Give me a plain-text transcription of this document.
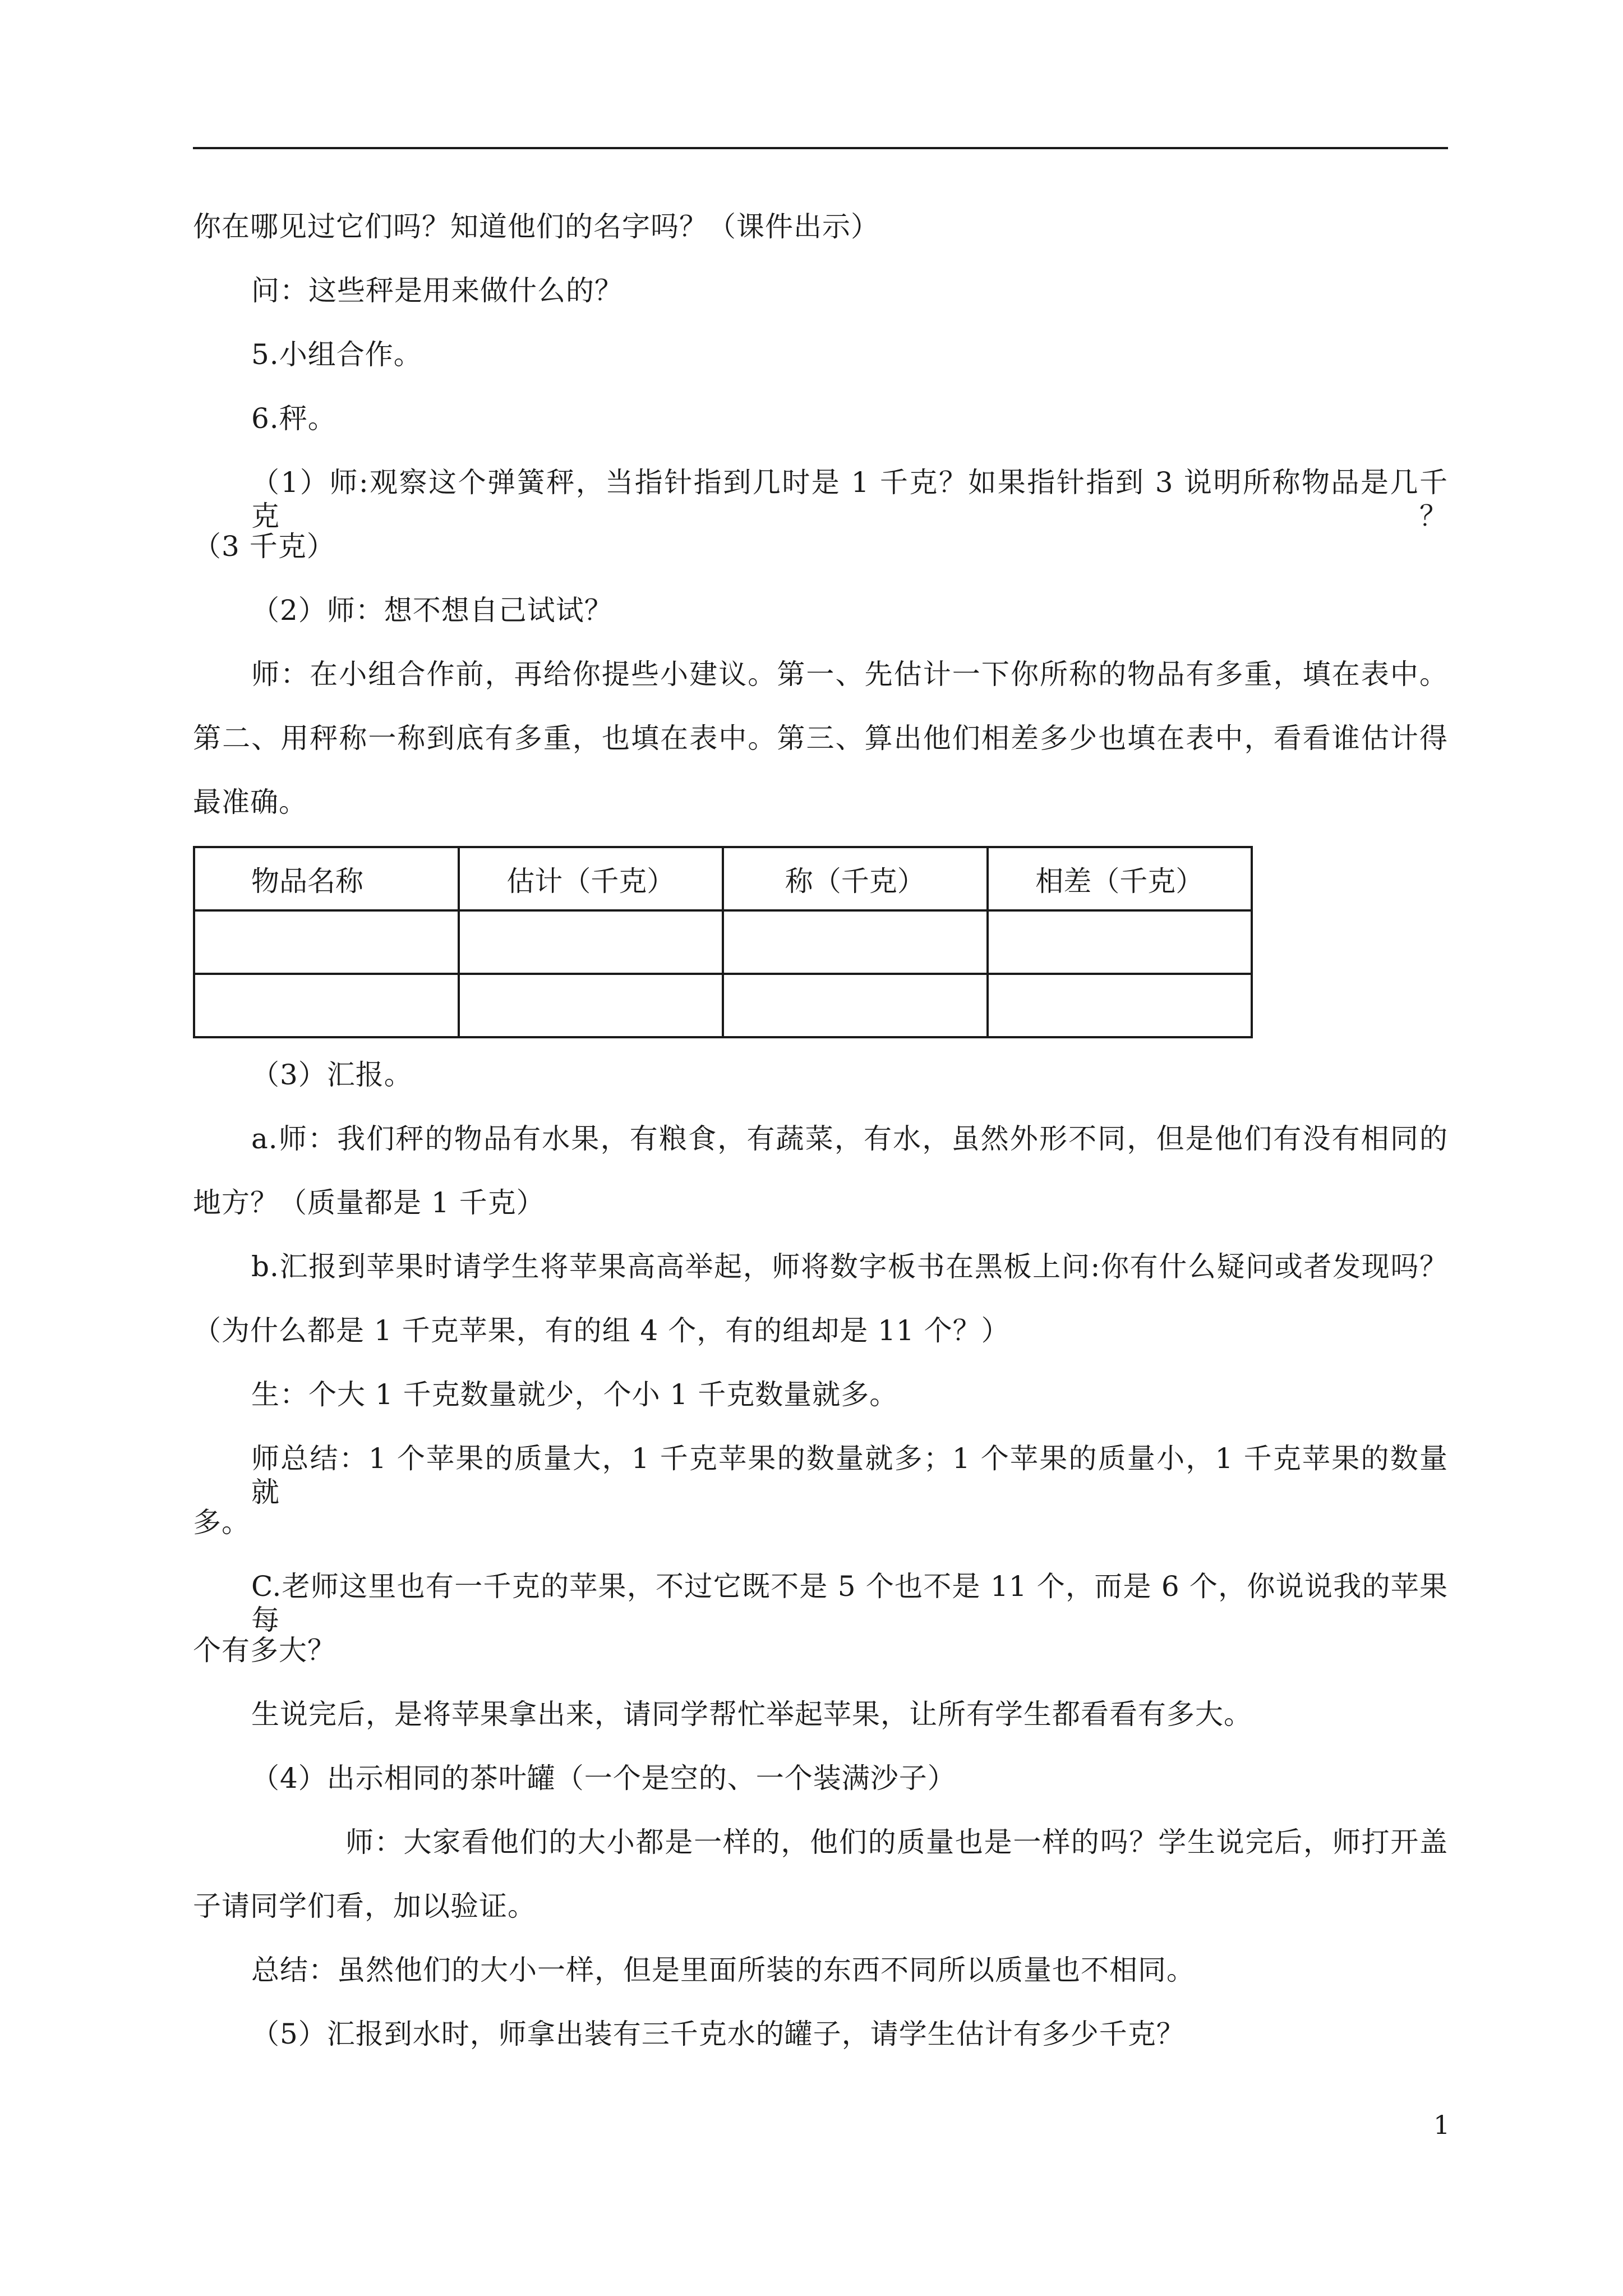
你在哪见过它们吗？知道他们的名字吗？（课件出示）
问：这些秤是用来做什么的？
5.小组合作。
6.秤。
（1）师:观察这个弹簧秤，当指针指到几时是 1 千克？如果指针指到 3 说明所称物品是几千克？
（3 千克）
（2）师：想不想自己试试？
师：在小组合作前，再给你提些小建议。第一、先估计一下你所称的物品有多重，填在表中。
第二、用秤称一称到底有多重，也填在表中。第三、算出他们相差多少也填在表中，看看谁估计得
最准确。
物品名称	估计（千克）	称（千克）	相差（千克）

（3）汇报。
a.师：我们秤的物品有水果，有粮食，有蔬菜，有水，虽然外形不同，但是他们有没有相同的
地方？（质量都是 1 千克）
b.汇报到苹果时请学生将苹果高高举起，师将数字板书在黑板上问:你有什么疑问或者发现吗？
（为什么都是 1 千克苹果，有的组 4 个，有的组却是 11 个？）
生：个大 1 千克数量就少，个小 1 千克数量就多。
师总结：1 个苹果的质量大，1 千克苹果的数量就多；1 个苹果的质量小，1 千克苹果的数量就
多。
C.老师这里也有一千克的苹果，不过它既不是 5 个也不是 11 个，而是 6 个，你说说我的苹果每
个有多大？
生说完后，是将苹果拿出来，请同学帮忙举起苹果，让所有学生都看看有多大。
（4）出示相同的茶叶罐（一个是空的、一个装满沙子）
师：大家看他们的大小都是一样的，他们的质量也是一样的吗？学生说完后，师打开盖
子请同学们看，加以验证。
总结：虽然他们的大小一样，但是里面所装的东西不同所以质量也不相同。
（5）汇报到水时，师拿出装有三千克水的罐子，请学生估计有多少千克？
1
